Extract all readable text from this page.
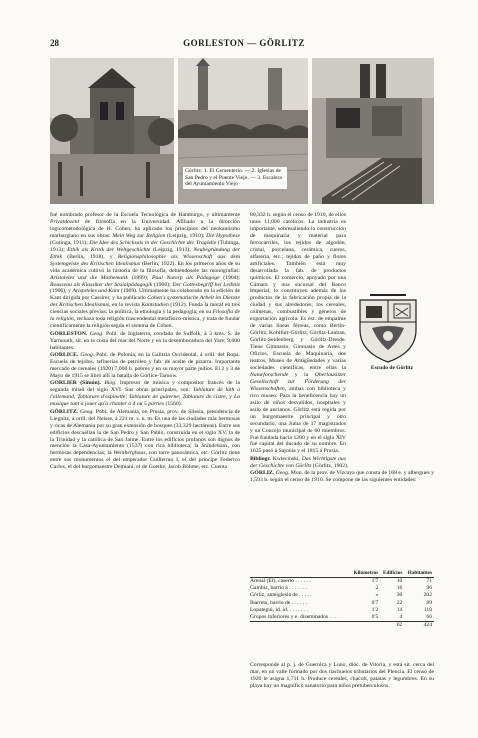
28	GORLESTON — GÖRLITZ
Görlitz: 1. El Cementerio. — 2. Iglesias de San Pedro y el Puente Viejo. — 3. Escalera del Ayuntamiento Viejo

fué nombrado profesor de la Escuela Tecnológica de Hamburgo, y ultimamente Privatdozent de filosofía en la Universidad. Afiliado a la dirección logicometodológica de H. Cohen, ha aplicado los principios del neokantismo marburgiano en sus obras: Mein Weg zur Religion (Leipzig, 1910); Die Hypothese (Gotinga, 1911); Die Idee des Schicksals in der Geschichte der Tragödie (Tubinga, 1913); Ethik als Kritik der Weltgeschichte (Leipzig, 1913); Neubegründung der Ethik (Berlín, 1918), y Religionsphilosophie als Wissenschaft aus dem Systemgeiste des Kritischen Idealismus (Berlín, 1922). En los primeros años de su vida académica cultivó la historia de la filosofía, debiéndosele las monografías: Aristoteles und die Mathematik (1899); Paul Natorp als Pädagoge (1904); Rousseau als Klassiker der Sozialpädagogik (1906); Der Gottesbegriff bei Leibniz (1906), y Aristoteles und Kant (1909). Ultimamente ha colaborado en la edición de Kant dirigida por Cassirer, y ha publicado Cohen's systematische Arbeit im Dienste des Kritischen Idealismus, en la revista Kantstudien (1912). Funda la moral en tres ciencias sociales previas: la política, la etnología y la pedagogía; en su Filosofía de la religión, rechaza toda religión trascendental metafísico-mística, y trata de fundar científicamente la religión según el sistema de Cohen.

GORLESTON. Geog. Pobl. de Inglaterra, condado de Suffolk, á 3 kms. S. de Yarmouth, sit. en la costa del mar del Norte y en la desembocadura del Yare; 9,000 habitantes.

GORLICE. Geog. Pobl. de Polonia, en la Galitzia Occidental, á orill. del Ropa. Escuela de tejidos, refinerías de petróleo y fab. de aceite de pizarra. Importante mercado de cereales (1920) 7,000 h. pobres y en su mayor parte judíos. El 2 y 3 de Mayo de 1915 se libró allí la batalla de Gorlice-Tarnow.

GORLIER (Simón). Biog. Impresor de música y compositor francés de la segunda mitad del siglo XVI. Sus obras principales, son: Tablature de lûth à l'allemand, Tablature d'espinette; Tablature de guiterne; Tablature de cistre, y La musique tant à jouer qu'à chanter à 4 ou 5 parties (1560).

GÖRLITZ. Geog. Pobl. de Alemania, en Prusia, prov. de Silesia, presidencia de Liegnitz, á orill. del Neisse, á 221 m. s. n. m. Es una de las ciudades más hermosas y ricas de Alemania por su gran extensión de bosques (33,329 hectáreas). Entre sus edificios descuellan la de San Pedro y San Pablo, construida en el siglo XV, la de la Trinidad y la católica de San Jaime. Entre los edificios profanos son dignos de mención la Casa-Ayuntamiento (1537) con rica biblioteca; la Ständehaus, con hermosas dependencias; la Weinberghaus, con torre panorámica, etc. Görlitz tiene entre sus monumentos el del emperador Guillermo I, el del príncipe Federico Carlos, el del burgomaestre Demiani, el de Goethe, Jacob Böhme, etc. Cuenta

80,332 h. según el censo de 1910, de ellos unos 11,000 católicos. La industria es importante, sobresaliendo la construcción de maquinaria y material para ferrocarriles, los tejidos de algodón, cristal, porcelana, cerámica, cueros, alfarería, etc.; tejidos de paño y flores artificiales. También está muy desarrollada la fab. de productos químicos. El comercio, apoyado por una Cámara y una sucursal del Banco Imperial, lo constituyen además de los productos de la fabricación propia de la ciudad y sus alrededores, los cereales, colmenas, combustibles y géneros de exportación agrícola. Es est. de empalme de varias líneas férreas, como Berlín-Görlitz, Kohlfurt-Görlitz, Görlitz-Lauban, Görlitz-Seidenberg y Görlitz-Dresde. Tiene Gimnasio, Gimnasio de Artes y Oficios, Escuela de Maquinaria, dos teatros, Museo de Antigüedades y varias sociedades científicas, entre ellas la Naturforschende y la Oberlausitzer Gesellschaft zur Förderung der Wissenschaften, ambas con biblioteca y rico museo. Para la beneficencia hay un asilo de niños desvalidos, hospitales y asilo de ancianos. Görlitz está regida por un burgomaestre principal y otro secundario, una Junta de 17 magistrados y un Concejo municipal de 60 miembros. Fué fundada hacia 1200 y en el siglo XIV fué capital del ducado de su nombre. En 1635 pasó á Sajonia y el 1815 á Prusia.

Bibliogr. Kwiecinski, Das Wichtigste aus der Geschichte von Görlitz (Görlitz, 1902).

GÓRLIZ. Geog. Mun. de la prov. de Vizcaya que consta de 168 e. y albergues y 1,593 h. según el censo de 1910. Se compone de las siguientes entidades:

Escudo de Görlitz
	Kilómetros	Edificios	Habitantes
Arenal (El), caserío . . . . . .	1'7	10	71
Gambiz, barrio á . . . . . . .	2	16	96
Górliz, anteiglesia de . . . . .	»	30	202
Ibarreta, barrio de . . . . . .	0'7	22	89
Lopategui, id. id. . . . . . . .	1'2	14	110
Grupos inferiores y e. diseminados . . .	0'5	4	66
		62	424

Corresponde al p. j. de Guernica y Luno, dióc. de Vitoria, y está sit. cerca del mar, en un valle formado por dos riachuelos tributarios del Plencia. El censo de 1920 le asigna 1,711 h. Produce cereales, chacolí, patatas y legumbres. En su playa hay un magnífico sanatorio para niños pretuberculosos.
